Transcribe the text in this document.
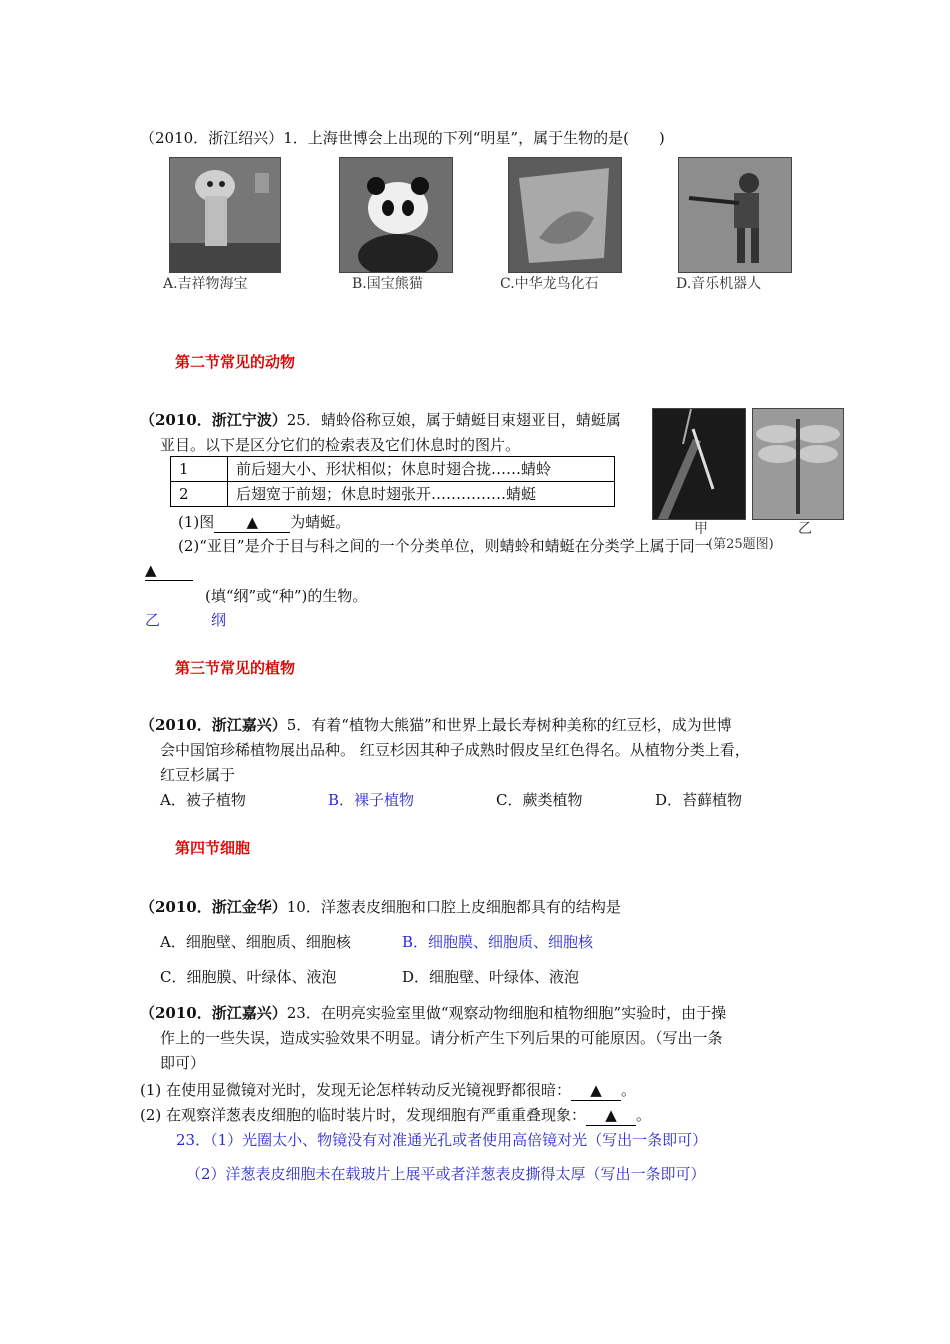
（2010．浙江绍兴）1．上海世博会上出现的下列“明星”，属于生物的是(　　)
A.吉祥物海宝	B.国宝熊猫	C.中华龙鸟化石	D.音乐机器人
第二节常见的动物
（2010．浙江宁波）25．蜻蛉俗称豆娘，属于蜻蜓目束翅亚目，蜻蜓属
亚目。以下是区分它们的检索表及它们休息时的图片。
1	前后翅大小、形状相似；休息时翅合拢……蜻蛉
2	后翅宽于前翅；休息时翅张开……………蜻蜓
甲
(第25题图)
乙
(1)图 ▲ 为蜻蜓。
(2)“亚目”是介于目与科之间的一个分类单位，则蜻蛉和蜻蜓在分类学上属于同一
▲
(填“纲”或“种”)的生物。
乙	纲
第三节常见的植物
（2010．浙江嘉兴）5．有着“植物大熊猫”和世界上最长寿树种美称的红豆杉，成为世博
会中国馆珍稀植物展出品种。 红豆杉因其种子成熟时假皮呈红色得名。从植物分类上看，
红豆杉属于
A．被子植物	B．裸子植物	C．蕨类植物	D．苔藓植物
第四节细胞
（2010．浙江金华）10．洋葱表皮细胞和口腔上皮细胞都具有的结构是
A．细胞壁、细胞质、细胞核	B．细胞膜、细胞质、细胞核
C．细胞膜、叶绿体、液泡	D．细胞壁、叶绿体、液泡
（2010．浙江嘉兴）23．在明亮实验室里做“观察动物细胞和植物细胞”实验时，由于操
作上的一些失误，造成实验效果不明显。请分析产生下列后果的可能原因。（写出一条
即可）
(1) 在使用显微镜对光时，发现无论怎样转动反光镜视野都很暗： ▲ 。
(2) 在观察洋葱表皮细胞的临时装片时，发现细胞有严重重叠现象： ▲ 。
23．（1）光圈太小、物镜没有对准通光孔或者使用高倍镜对光（写出一条即可）
（2）洋葱表皮细胞未在载玻片上展平或者洋葱表皮撕得太厚（写出一条即可）
